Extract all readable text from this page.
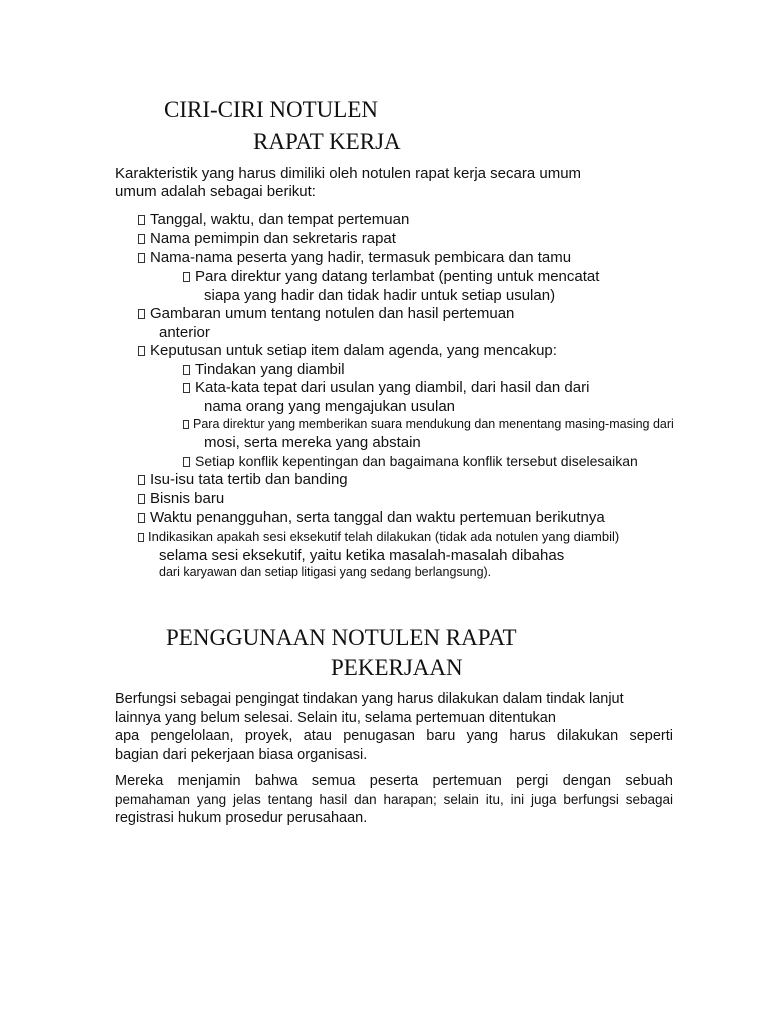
CIRI-CIRI NOTULEN
RAPAT KERJA
Karakteristik yang harus dimiliki oleh notulen rapat kerja secara umum
umum adalah sebagai berikut:
Tanggal, waktu, dan tempat pertemuan
Nama pemimpin dan sekretaris rapat
Nama-nama peserta yang hadir, termasuk pembicara dan tamu
Para direktur yang datang terlambat (penting untuk mencatat
siapa yang hadir dan tidak hadir untuk setiap usulan)
Gambaran umum tentang notulen dan hasil pertemuan
anterior
Keputusan untuk setiap item dalam agenda, yang mencakup:
Tindakan yang diambil
Kata-kata tepat dari usulan yang diambil, dari hasil dan dari
nama orang yang mengajukan usulan
Para direktur yang memberikan suara mendukung dan menentang masing-masing dari
mosi, serta mereka yang abstain
Setiap konflik kepentingan dan bagaimana konflik tersebut diselesaikan
Isu-isu tata tertib dan banding
Bisnis baru
Waktu penangguhan, serta tanggal dan waktu pertemuan berikutnya
Indikasikan apakah sesi eksekutif telah dilakukan (tidak ada notulen yang diambil)
selama sesi eksekutif, yaitu ketika masalah-masalah dibahas
dari karyawan dan setiap litigasi yang sedang berlangsung).
PENGGUNAAN NOTULEN RAPAT
PEKERJAAN
Berfungsi sebagai pengingat tindakan yang harus dilakukan dalam tindak lanjut
lainnya yang belum selesai. Selain itu, selama pertemuan ditentukan
apa pengelolaan, proyek, atau penugasan baru yang harus dilakukan seperti
bagian dari pekerjaan biasa organisasi.
Mereka menjamin bahwa semua peserta pertemuan pergi dengan sebuah
pemahaman yang jelas tentang hasil dan harapan; selain itu, ini juga berfungsi sebagai
registrasi hukum prosedur perusahaan.
